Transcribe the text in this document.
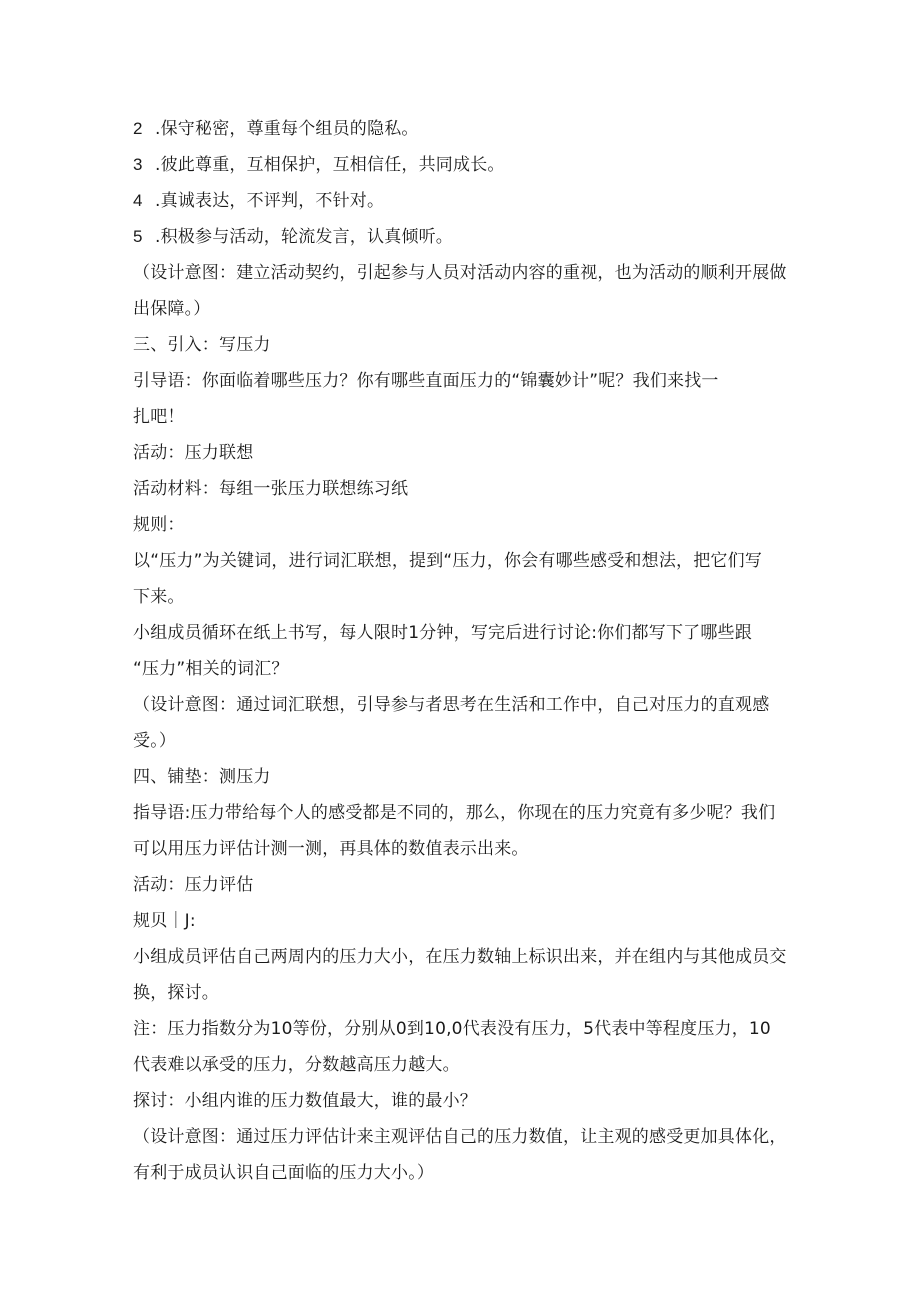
2 .保守秘密，尊重每个组员的隐私。
3 .彼此尊重，互相保护，互相信任，共同成长。
4 .真诚表达，不评判，不针对。
5 .积极参与活动，轮流发言，认真倾听。
（设计意图：建立活动契约，引起参与人员对活动内容的重视，也为活动的顺利开展做
出保障。）
三、引入：写压力
引导语：你面临着哪些压力？你有哪些直面压力的“锦囊妙计”呢？我们来找一
扎吧！
活动：压力联想
活动材料：每组一张压力联想练习纸
规则：
以“压力”为关键词，进行词汇联想，提到“压力，你会有哪些感受和想法，把它们写
下来。
小组成员循环在纸上书写，每人限时1分钟，写完后进行讨论:你们都写下了哪些跟
“压力”相关的词汇？
（设计意图：通过词汇联想，引导参与者思考在生活和工作中，自己对压力的直观感
受。）
四、铺垫：测压力
指导语:压力带给每个人的感受都是不同的，那么，你现在的压力究竟有多少呢？我们
可以用压力评估计测一测，再具体的数值表示出来。
活动：压力评估
规贝｜J:
小组成员评估自己两周内的压力大小，在压力数轴上标识出来，并在组内与其他成员交
换，探讨。
注：压力指数分为10等份，分别从0到10,0代表没有压力，5代表中等程度压力，10
代表难以承受的压力，分数越高压力越大。
探讨：小组内谁的压力数值最大，谁的最小？
（设计意图：通过压力评估计来主观评估自己的压力数值，让主观的感受更加具体化，
有利于成员认识自己面临的压力大小。）
